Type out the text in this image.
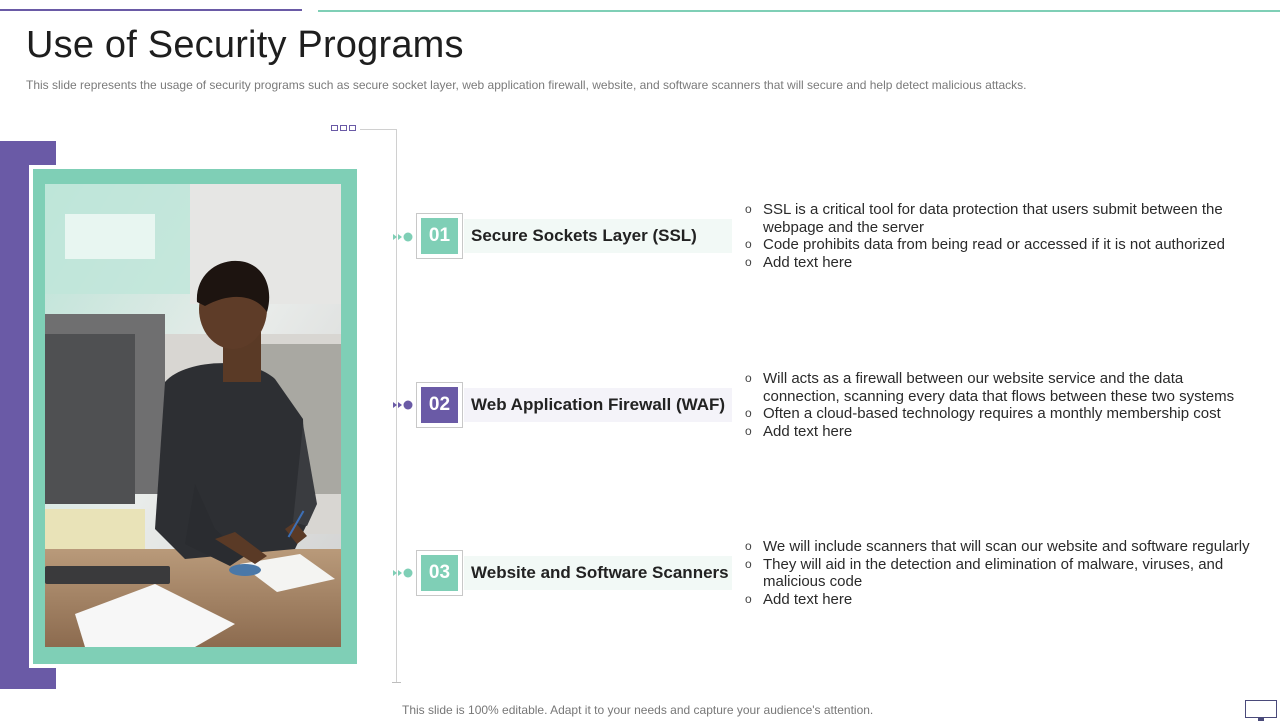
Use of Security Programs
This slide represents the usage of security programs such as secure socket layer, web application firewall, website, and software scanners that will secure and help detect malicious attacks.
01	Secure Sockets Layer (SSL)
o SSL is a critical tool for data protection that users submit between the webpage and the server
o Code prohibits data from being read or accessed if it is not authorized
o Add text here
02	Web Application Firewall (WAF)
o Will acts as a firewall between our website service and the data connection, scanning every data that flows between these two systems
o Often a cloud-based technology requires a monthly membership cost
o Add text here
03	Website and Software Scanners
o We will include scanners that will scan our website and software regularly
o They will aid in the detection and elimination of malware, viruses, and malicious code
o Add text here
This slide is 100% editable. Adapt it to your needs and capture your audience's attention.
